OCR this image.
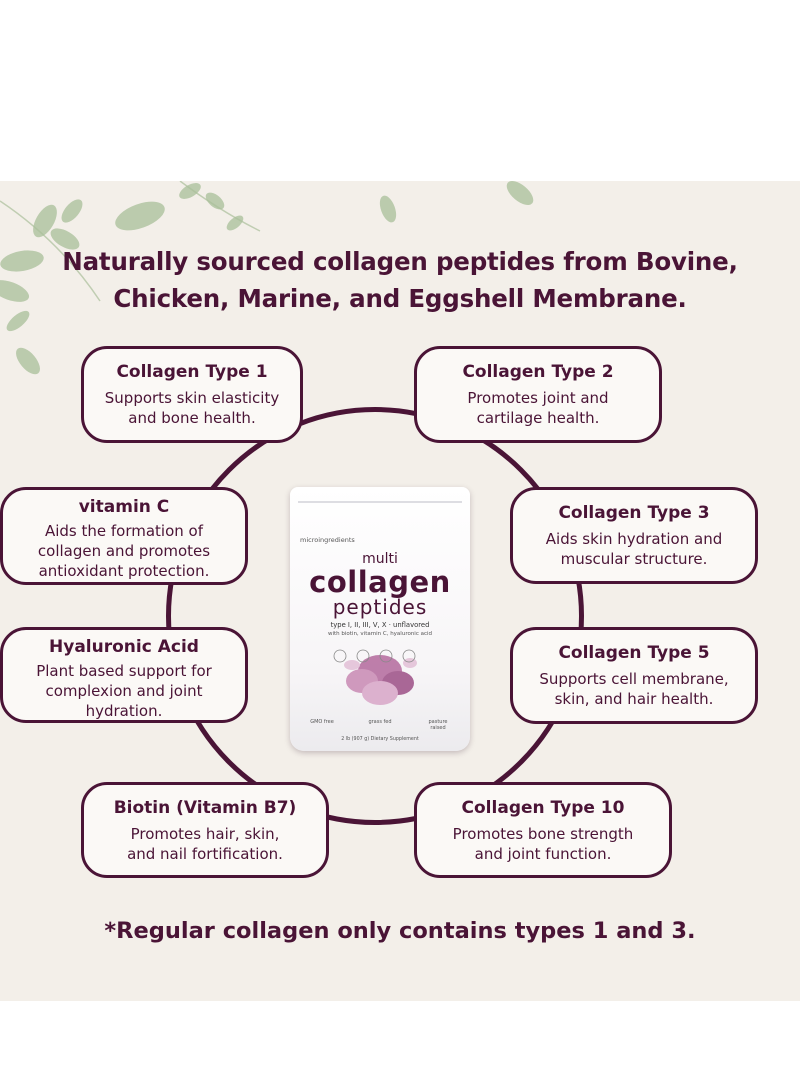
Naturally sourced collagen peptides from Bovine,
Chicken, Marine, and Eggshell Membrane.
microingredients
multi
collagen
peptides
type I, II, III, V, X · unflavored
with biotin, vitamin C, hyaluronic acid
GMO free	grass fed	pasture raised
2 lb (907 g) Dietary Supplement
Collagen Type 1
Supports skin elasticity
and bone health.
Collagen Type 2
Promotes joint and
cartilage health.
vitamin C
Aids the formation of
collagen and promotes
antioxidant protection.
Collagen Type 3
Aids skin hydration and
muscular structure.
Hyaluronic Acid
Plant based support for
complexion and joint
hydration.
Collagen Type 5
Supports cell membrane,
skin, and hair health.
Biotin (Vitamin B7)
Promotes hair, skin,
and nail fortification.
Collagen Type 10
Promotes bone strength
and joint function.
*Regular collagen only contains types 1 and 3.
